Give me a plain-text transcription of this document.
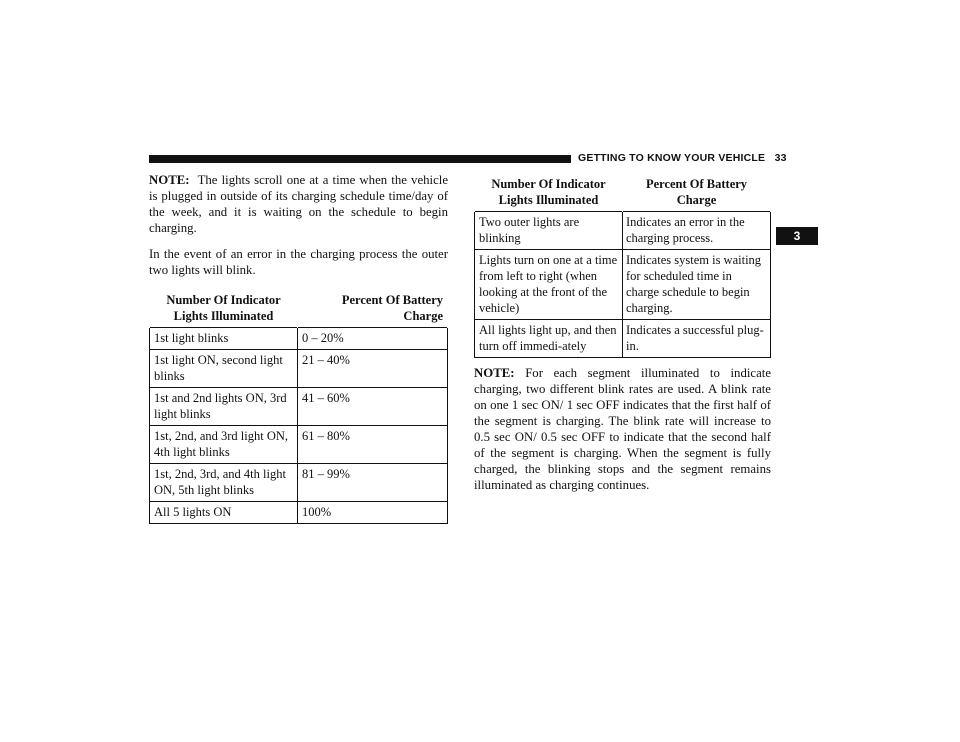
GETTING TO KNOW YOUR VEHICLE 33
3

NOTE: The lights scroll one at a time when the vehicle is plugged in outside of its charging schedule time/day of the week, and it is waiting on the schedule to begin charging.

In the event of an error in the charging process the outer two lights will blink.

Number Of Indicator Lights Illuminated	Percent Of Battery Charge
1st light blinks	0 – 20%
1st light ON, second light blinks	21 – 40%
1st and 2nd lights ON, 3rd light blinks	41 – 60%
1st, 2nd, and 3rd light ON, 4th light blinks	61 – 80%
1st, 2nd, 3rd, and 4th light ON, 5th light blinks	81 – 99%
All 5 lights ON	100%
Number Of Indicator Lights Illuminated	Percent Of Battery Charge
Two outer lights are blinking	Indicates an error in the charging process.
Lights turn on one at a time from left to right (when looking at the front of the vehicle)	Indicates system is waiting for scheduled time in charge schedule to begin charging.
All lights light up, and then turn off immedi-ately	Indicates a successful plug-in.

NOTE: For each segment illuminated to indicate charging, two different blink rates are used. A blink rate on one 1 sec ON/ 1 sec OFF indicates that the first half of the segment is charging. The blink rate will increase to 0.5 sec ON/ 0.5 sec OFF to indicate that the second half of the segment is charging. When the segment is fully charged, the blinking stops and the segment remains illuminated as charging continues.
